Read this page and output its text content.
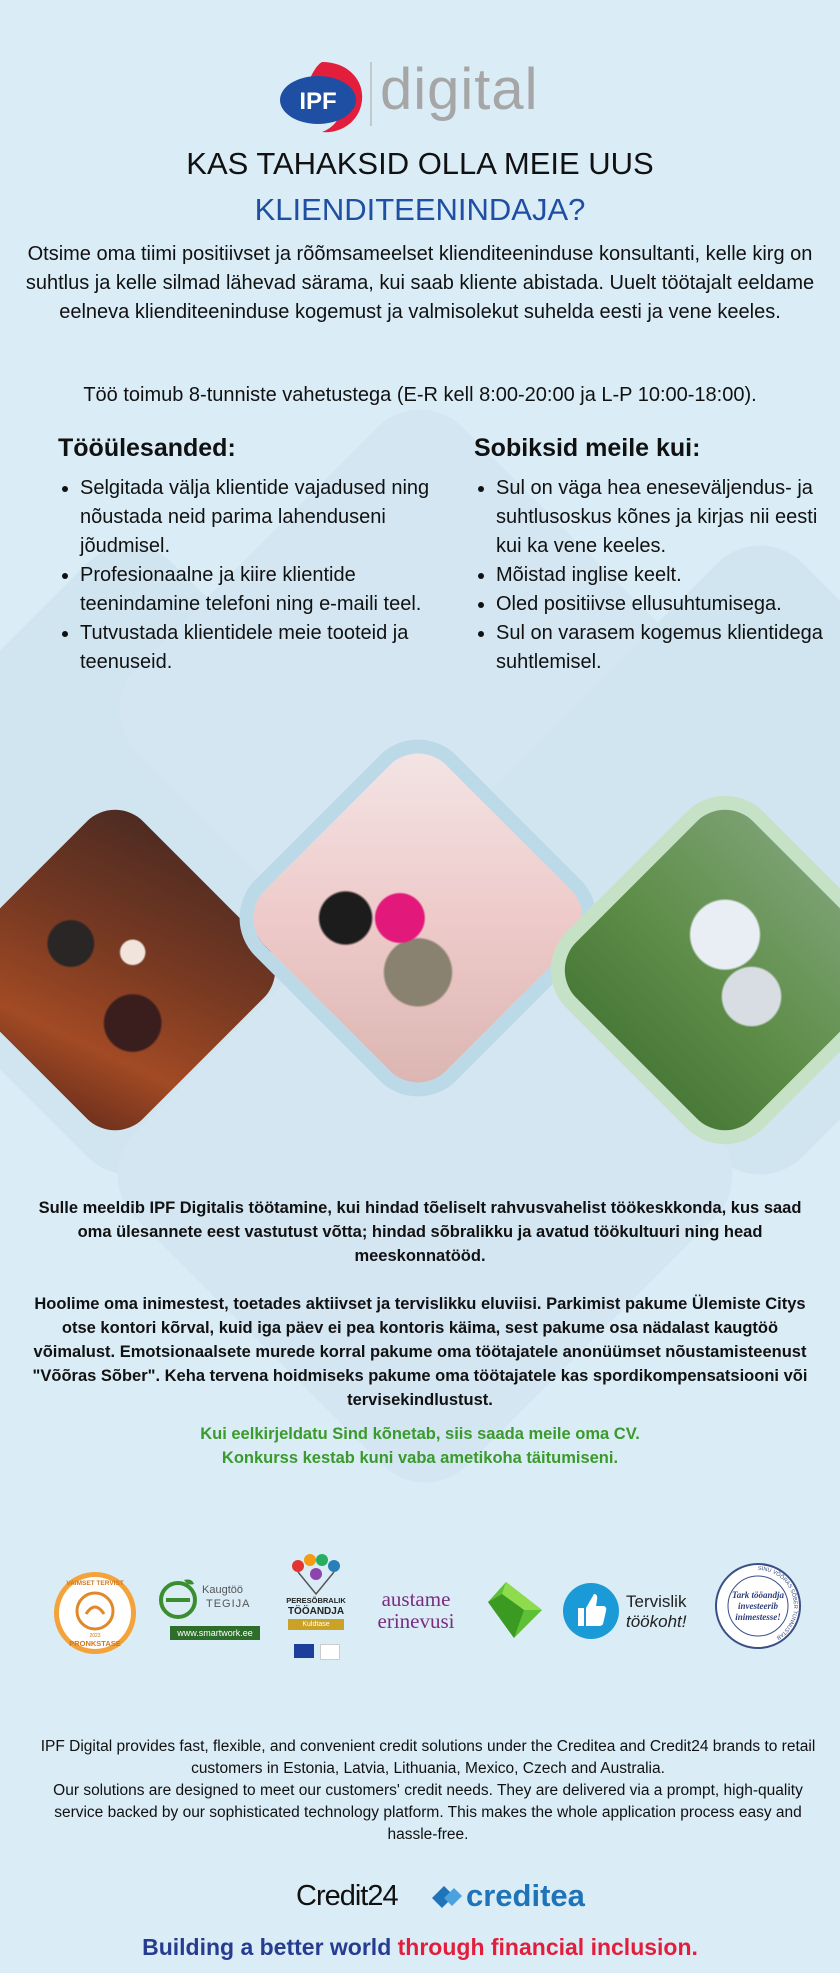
IPF digital
KAS TAHAKSID OLLA MEIE UUS
KLIENDITEENINDAJA?
Otsime oma tiimi positiivset ja rõõmsameelset klienditeeninduse konsultanti, kelle kirg on suhtlus ja kelle silmad lähevad särama, kui saab kliente abistada. Uuelt töötajalt eeldame eelneva klienditeeninduse kogemust ja valmisolekut suhelda eesti ja vene keeles.
Töö toimub 8-tunniste vahetustega (E-R kell 8:00-20:00 ja L-P 10:00-18:00).
Tööülesanded:
• Selgitada välja klientide vajadused ning nõustada neid parima lahenduseni jõudmisel.
• Profesionaalne ja kiire klientide teenindamine telefoni ning e-maili teel.
• Tutvustada klientidele meie tooteid ja teenuseid.
Sobiksid meile kui:
• Sul on väga hea eneseväljendus- ja suhtlusoskus kõnes ja kirjas nii eesti kui ka vene keeles.
• Mõistad inglise keelt.
• Oled positiivse ellusuhtumisega.
• Sul on varasem kogemus klientidega suhtlemisel.
Sulle meeldib IPF Digitalis töötamine, kui hindad tõeliselt rahvusvahelist töökeskkonda, kus saad oma ülesannete eest vastutust võtta; hindad sõbralikku ja avatud töökultuuri ning head meeskonnatööd.
Hoolime oma inimestest, toetades aktiivset ja tervislikku eluviisi. Parkimist pakume Ülemiste Citys otse kontori kõrval, kuid iga päev ei pea kontoris käima, sest pakume osa nädalast kaugtöö võimalust. Emotsionaalsete murede korral pakume oma töötajatele anonüümset nõustamisteenust "Võõras Sõber". Keha tervena hoidmiseks pakume oma töötajatele kas spordikompensatsiooni või tervisekindlustust.
Kui eelkirjeldatu Sind kõnetab, siis saada meile oma CV.
Konkurss kestab kuni vaba ametikoha täitumiseni.
VAIMSET TERVIST
2023
PRONKSTASE
Kaugtöö
TEGIJA
www.smartwork.ee
PERESÕBRALIK
TÖÖANDJA
Kuldtase
austame
erinevusi
Tervislik
töökoht!
SINU VÕÕRAS SÕBER TUNNUSTAB
Tark tööandja
investeerib
inimestesse!
IPF Digital provides fast, flexible, and convenient credit solutions under the Creditea and Credit24 brands to retail customers in Estonia, Latvia, Lithuania, Mexico, Czech and Australia.
Our solutions are designed to meet our customers' credit needs. They are delivered via a prompt, high-quality service backed by our sophisticated technology platform. This makes the whole application process easy and hassle-free.
Credit24 creditea
Building a better world through financial inclusion.
